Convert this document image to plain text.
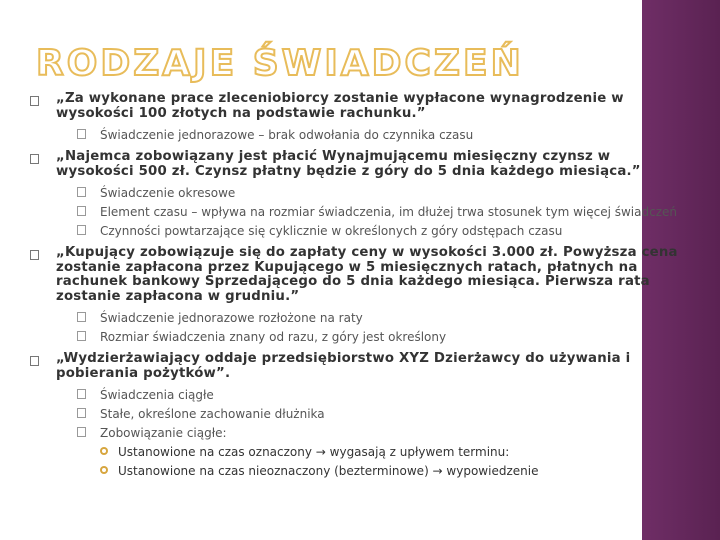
RODZAJE ŚWIADCZEŃ
„Za wykonane prace zleceniobiorcy zostanie wypłacone wynagrodzenie w wysokości 100 złotych na podstawie rachunku.”
Świadczenie jednorazowe – brak odwołania do czynnika czasu
„Najemca zobowiązany jest płacić Wynajmującemu miesięczny czynsz w wysokości 500 zł. Czynsz płatny będzie z góry do 5 dnia każdego miesiąca.”
Świadczenie okresowe
Element czasu – wpływa na rozmiar świadczenia, im dłużej trwa stosunek tym więcej świadczeń
Czynności powtarzające się cyklicznie w określonych z góry odstępach czasu
„Kupujący zobowiązuje się do zapłaty ceny w wysokości 3.000 zł. Powyższa cena zostanie zapłacona przez Kupującego w 5 miesięcznych ratach, płatnych na rachunek bankowy Sprzedającego do 5 dnia każdego miesiąca. Pierwsza rata zostanie zapłacona w grudniu.”
Świadczenie jednorazowe rozłożone na raty
Rozmiar świadczenia znany od razu, z góry jest określony
„Wydzierżawiający oddaje przedsiębiorstwo XYZ Dzierżawcy do używania i pobierania pożytków”.
Świadczenia ciągłe
Stałe, określone zachowanie dłużnika
Zobowiązanie ciągłe:
Ustanowione na czas oznaczony → wygasają z upływem terminu:
Ustanowione na czas nieoznaczony (bezterminowe) → wypowiedzenie
